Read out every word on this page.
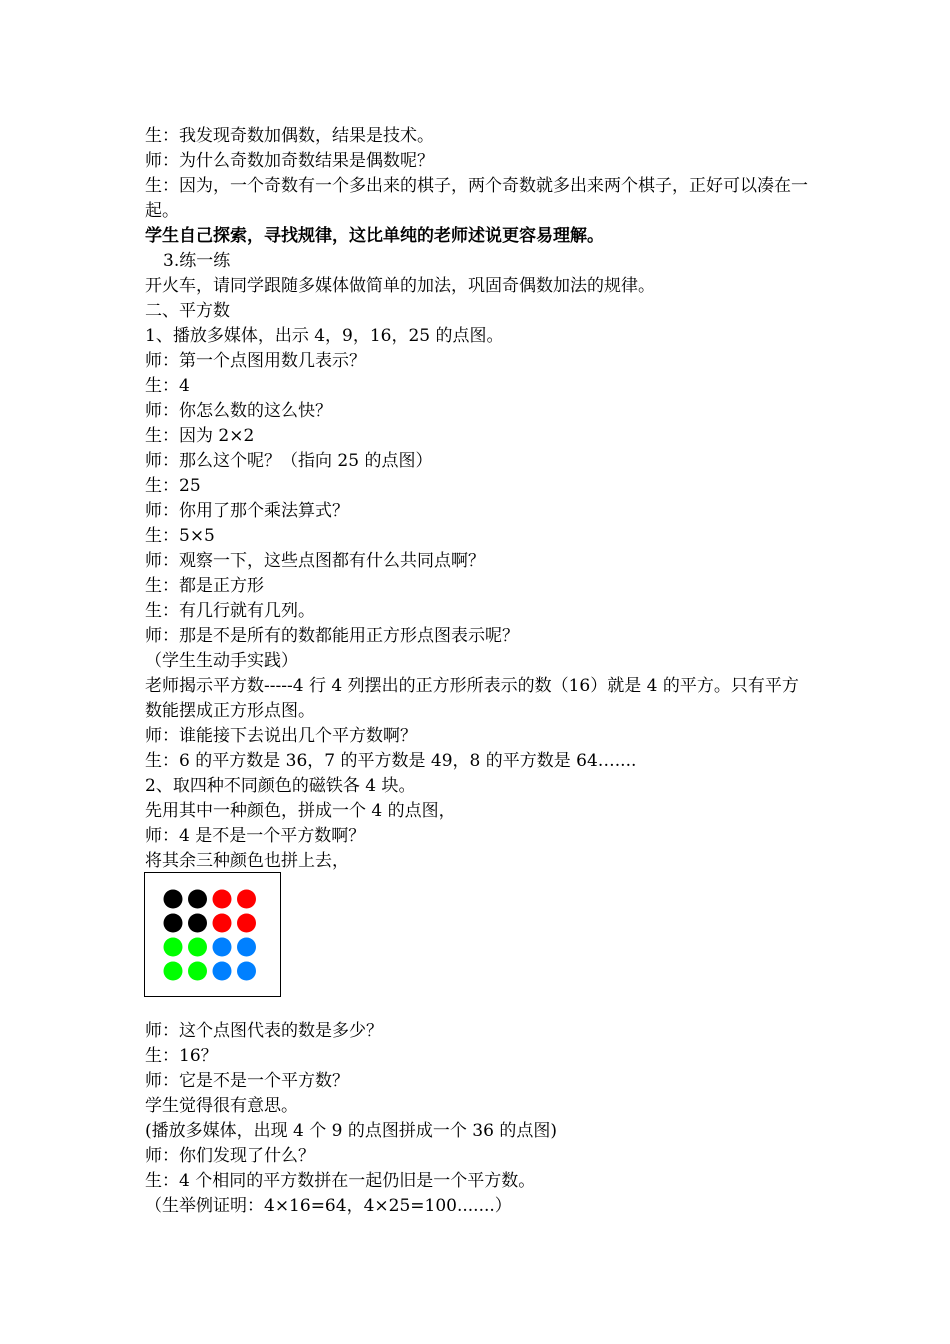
生：我发现奇数加偶数，结果是技术。
师：为什么奇数加奇数结果是偶数呢？
生：因为，一个奇数有一个多出来的棋子，两个奇数就多出来两个棋子，正好可以凑在一起。
学生自己探索，寻找规律，这比单纯的老师述说更容易理解。
3.练一练
开火车，请同学跟随多媒体做简单的加法，巩固奇偶数加法的规律。
二、平方数
1、播放多媒体，出示 4，9，16，25 的点图。
师：第一个点图用数几表示？
生：4
师：你怎么数的这么快？
生：因为 2×2
师：那么这个呢？（指向 25 的点图）
生：25
师：你用了那个乘法算式？
生：5×5
师：观察一下，这些点图都有什么共同点啊？
生：都是正方形
生：有几行就有几列。
师：那是不是所有的数都能用正方形点图表示呢？
（学生生动手实践）
老师揭示平方数-----4 行 4 列摆出的正方形所表示的数（16）就是 4 的平方。只有平方数能摆成正方形点图。
师：谁能接下去说出几个平方数啊？
生：6 的平方数是 36，7 的平方数是 49，8 的平方数是 64…....
2、取四种不同颜色的磁铁各 4 块。
先用其中一种颜色，拼成一个 4 的点图，
师：4 是不是一个平方数啊？
将其余三种颜色也拼上去，
师：这个点图代表的数是多少？
生：16？
师：它是不是一个平方数？
学生觉得很有意思。
(播放多媒体，出现 4 个 9 的点图拼成一个 36 的点图)
师：你们发现了什么？
生：4 个相同的平方数拼在一起仍旧是一个平方数。
（生举例证明：4×16=64，4×25=100.......）
